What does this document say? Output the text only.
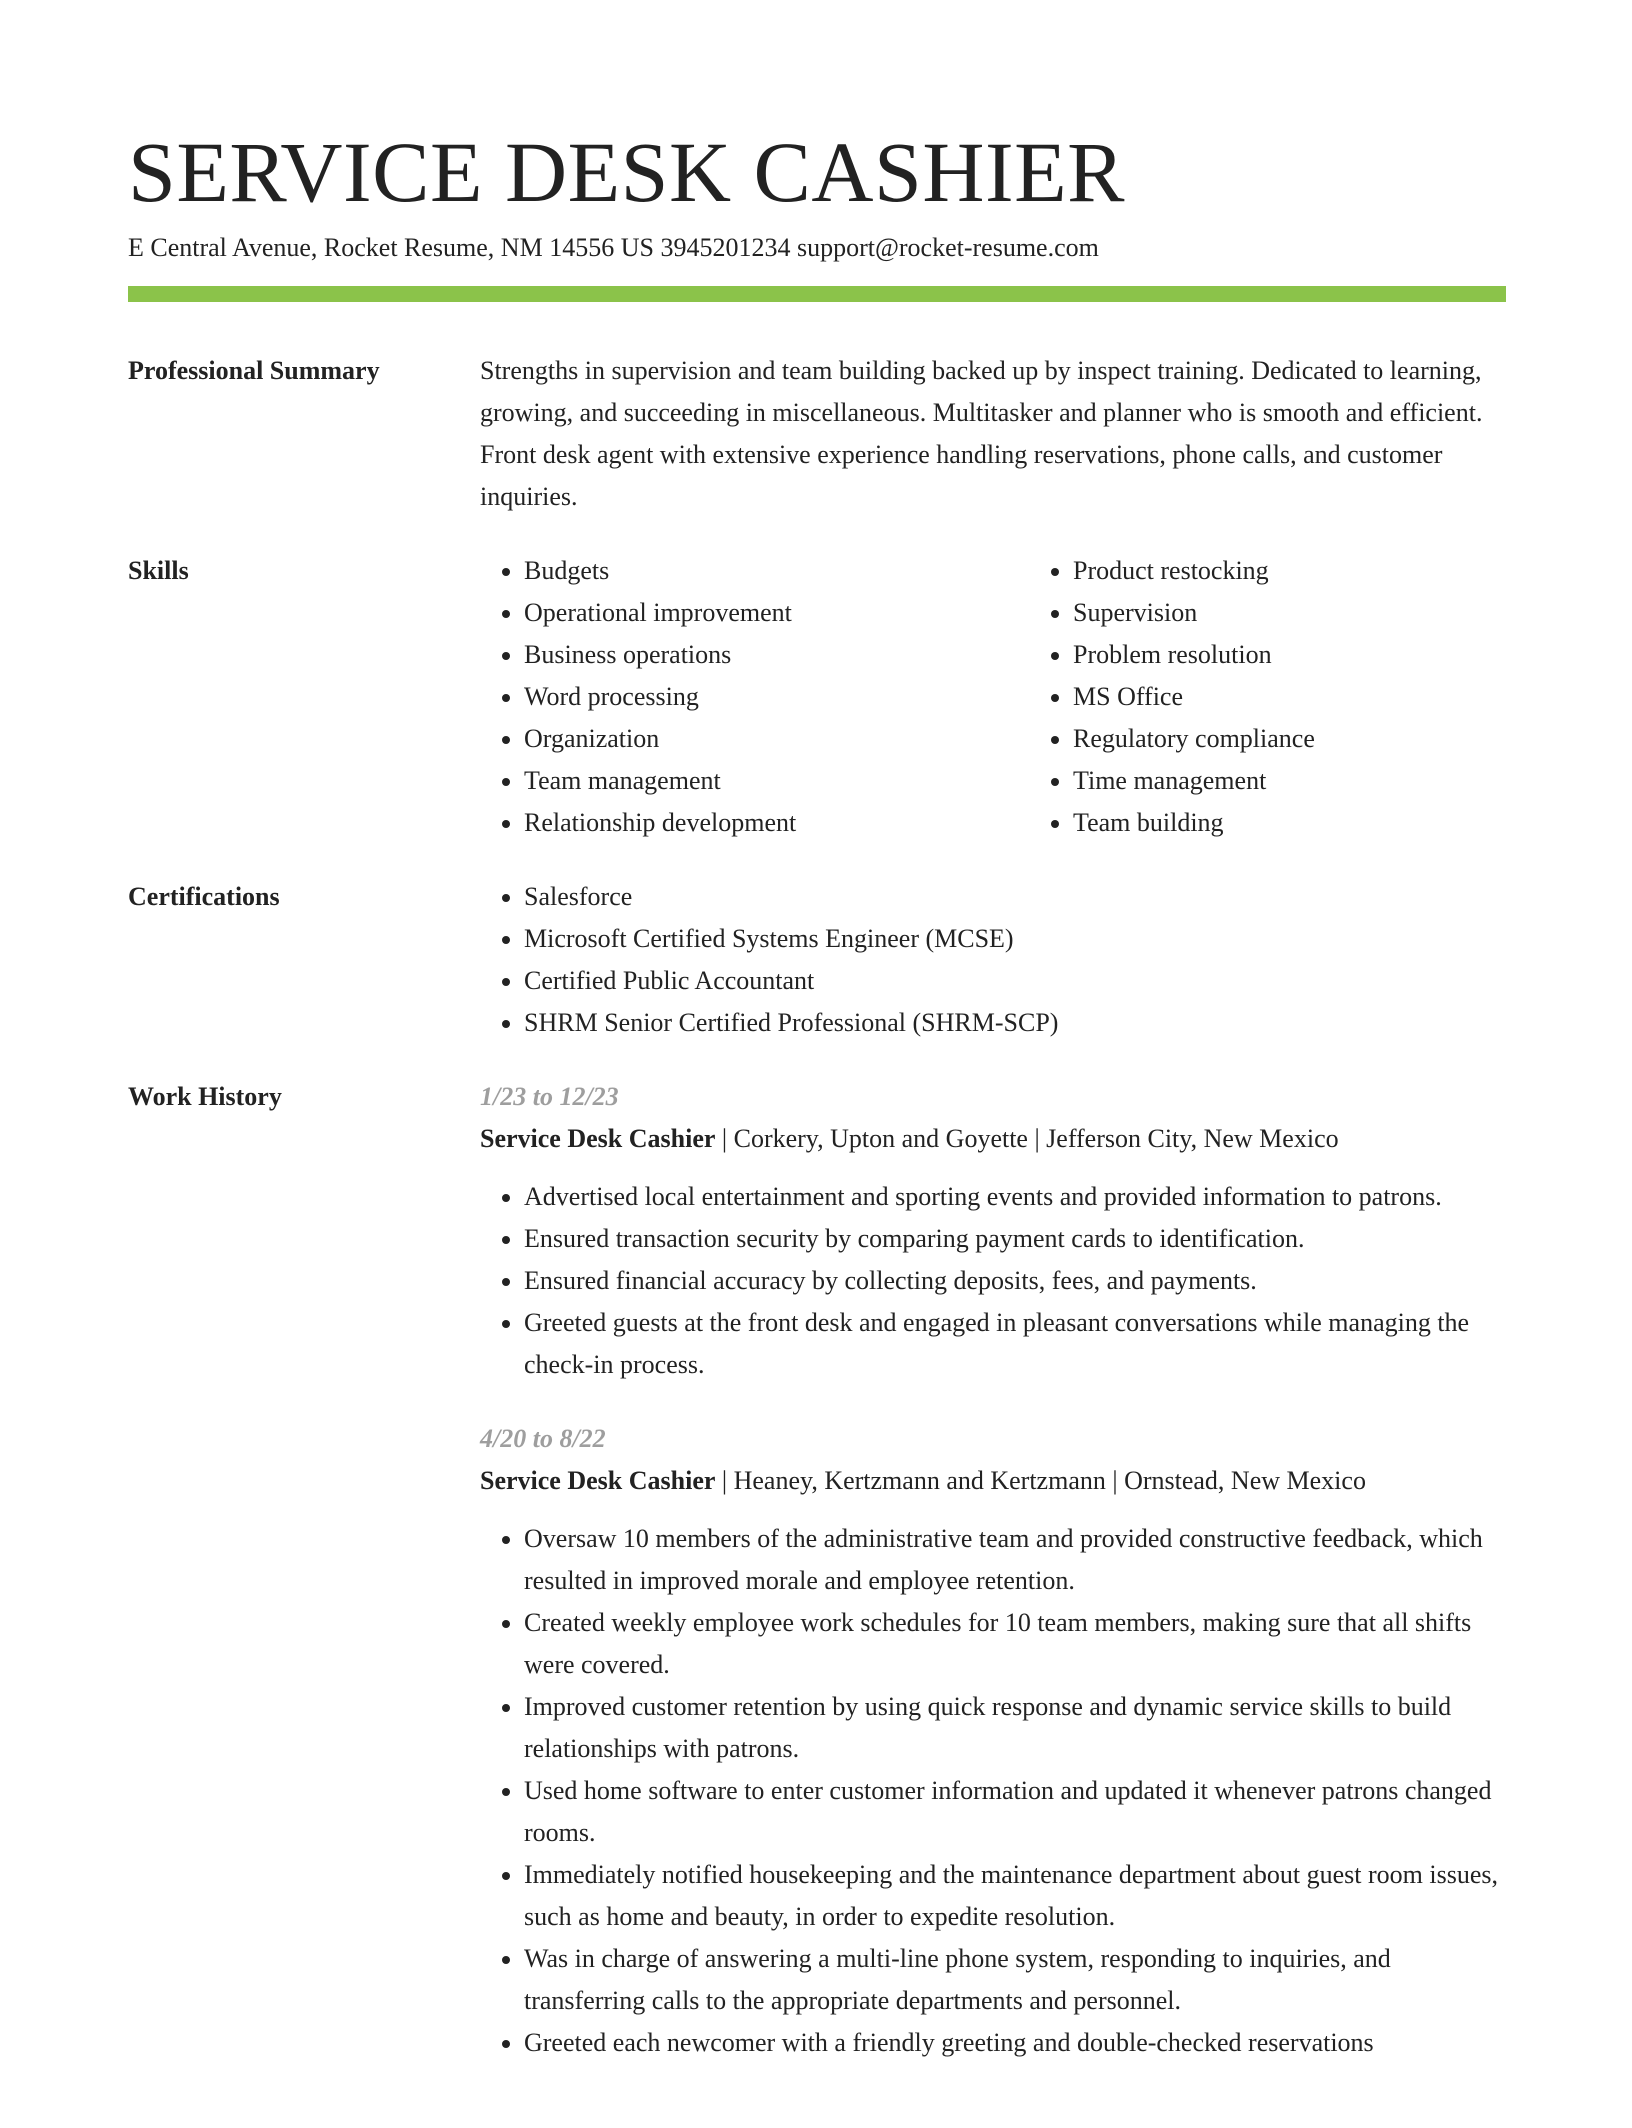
SERVICE DESK CASHIER
E Central Avenue, Rocket Resume, NM 14556 US 3945201234 support@rocket-resume.com
Professional Summary	Strengths in supervision and team building backed up by inspect training. Dedicated to learning, growing, and succeeding in miscellaneous. Multitasker and planner who is smooth and efficient. Front desk agent with extensive experience handling reservations, phone calls, and customer inquiries.

Skills	• Budgets
• Operational improvement
• Business operations
• Word processing
• Organization
• Team management
• Relationship development
• Product restocking
• Supervision
• Problem resolution
• MS Office
• Regulatory compliance
• Time management
• Team building
Certifications	• Salesforce
• Microsoft Certified Systems Engineer (MCSE)
• Certified Public Accountant
• SHRM Senior Certified Professional (SHRM-SCP)
Work History	1/23 to 12/23
Service Desk Cashier | Corkery, Upton and Goyette | Jefferson City, New Mexico
• Advertised local entertainment and sporting events and provided information to patrons.
• Ensured transaction security by comparing payment cards to identification.
• Ensured financial accuracy by collecting deposits, fees, and payments.
• Greeted guests at the front desk and engaged in pleasant conversations while managing the check-in process.
4/20 to 8/22
Service Desk Cashier | Heaney, Kertzmann and Kertzmann | Ornstead, New Mexico
• Oversaw 10 members of the administrative team and provided constructive feedback, which resulted in improved morale and employee retention.
• Created weekly employee work schedules for 10 team members, making sure that all shifts were covered.
• Improved customer retention by using quick response and dynamic service skills to build relationships with patrons.
• Used home software to enter customer information and updated it whenever patrons changed rooms.
• Immediately notified housekeeping and the maintenance department about guest room issues, such as home and beauty, in order to expedite resolution.
• Was in charge of answering a multi-line phone system, responding to inquiries, and transferring calls to the appropriate departments and personnel.
• Greeted each newcomer with a friendly greeting and double-checked reservations
